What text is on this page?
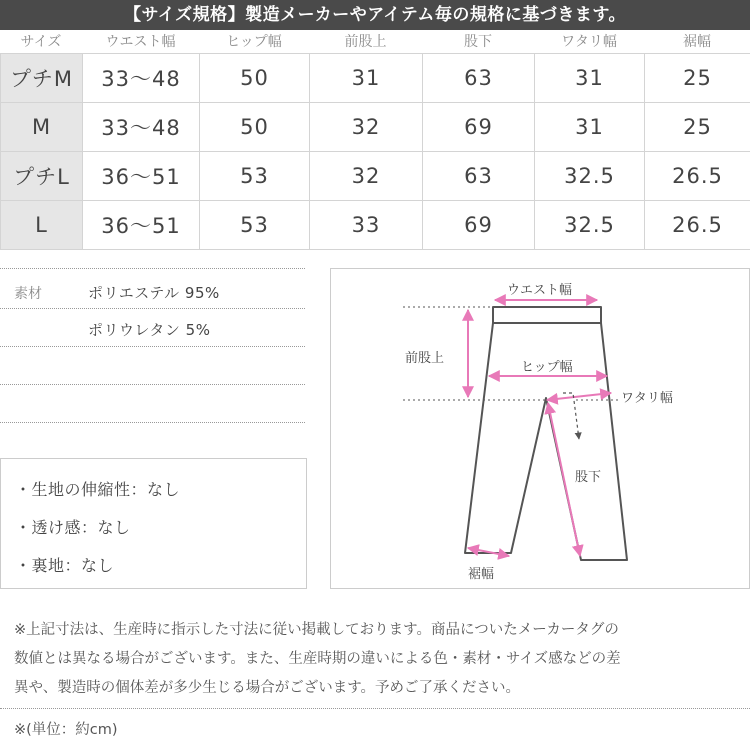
【サイズ規格】製造メーカーやアイテム毎の規格に基づきます。
サイズ	ウエスト幅	ヒップ幅	前股上	股下	ワタリ幅	裾幅
プチM	33〜48	50	31	63	31	25
M	33〜48	50	32	69	31	25
プチL	36〜51	53	32	63	32.5	26.5
L	36〜51	53	33	69	32.5	26.5
素材	ポリエステル 95%
ポリウレタン 5%
・生地の伸縮性：なし
・透け感：なし
・裏地：なし
ウエスト幅
前股上
ヒップ幅
ワタリ幅
股下
裾幅
※上記寸法は、生産時に指示した寸法に従い掲載しております。商品についたメーカータグの
数値とは異なる場合がございます。また、生産時期の違いによる色・素材・サイズ感などの差
異や、製造時の個体差が多少生じる場合がございます。予めご了承ください。
※(単位：約cm)
